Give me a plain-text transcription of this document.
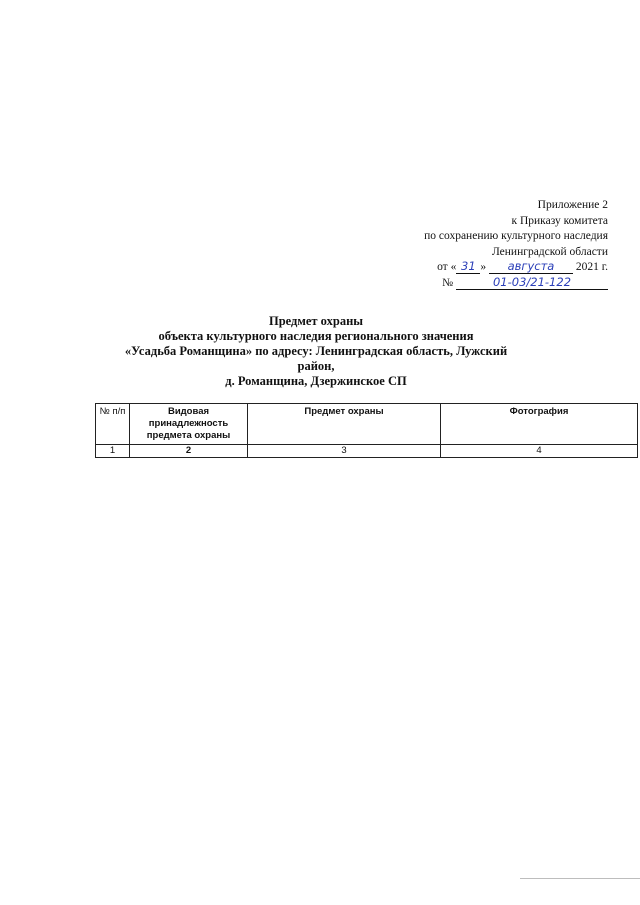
Приложение 2
к Приказу комитета
по сохранению культурного наследия
Ленинградской области
от « 31 » августа 2021 г.
№	01-03/21-122
Предмет охраны
объекта культурного наследия регионального значения
«Усадьба Романщина» по адресу: Ленинградская область, Лужский
район,
д. Романщина, Дзержинское СП
№ п/п	Видовая принадлежность предмета охраны	Предмет охраны	Фотография
1	2	3	4
